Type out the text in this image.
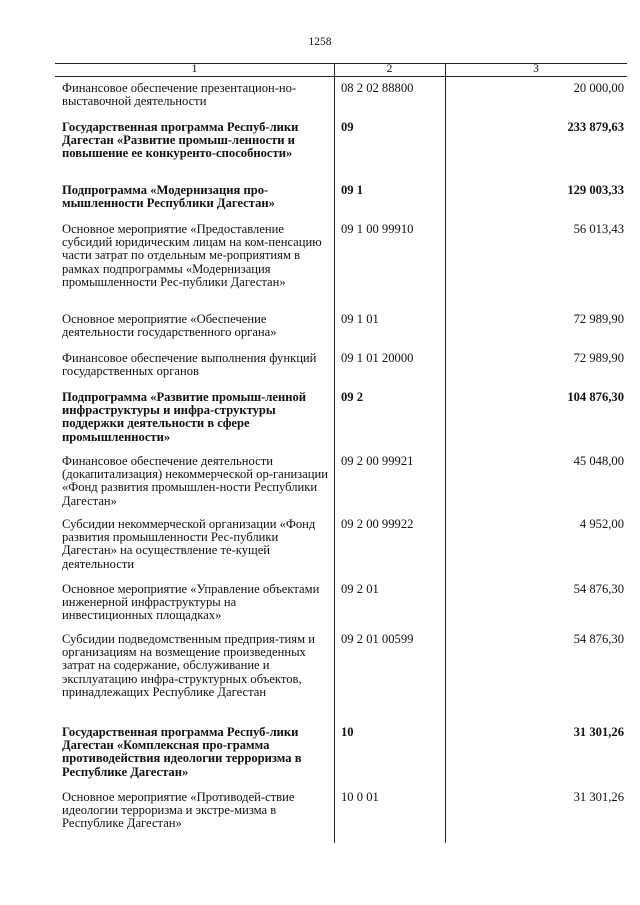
1258
1	2	3
Финансовое обеспечение презентацион-но-выставочной деятельности
08 2 02 88800	20 000,00
Государственная программа Респуб-лики Дагестан «Развитие промыш-ленности и повышение ее конкуренто-способности»
09	233 879,63
Подпрограмма «Модернизация про-мышленности Республики Дагестан»
09 1	129 003,33
Основное мероприятие «Предоставление субсидий юридическим лицам на ком-пенсацию части затрат по отдельным ме-роприятиям в рамках подпрограммы «Модернизация промышленности Рес-публики Дагестан»
09 1 00 99910	56 013,43
Основное мероприятие «Обеспечение деятельности государственного органа»
09 1 01	72 989,90
Финансовое обеспечение выполнения функций государственных органов
09 1 01 20000	72 989,90
Подпрограмма «Развитие промыш-ленной инфраструктуры и инфра-структуры поддержки деятельности в сфере промышленности»
09 2	104 876,30
Финансовое обеспечение деятельности (докапитализация) некоммерческой ор-ганизации «Фонд развития промышлен-ности Республики Дагестан»
09 2 00 99921	45 048,00
Субсидии некоммерческой организации «Фонд развития промышленности Рес-публики Дагестан» на осуществление те-кущей деятельности
09 2 00 99922	4 952,00
Основное мероприятие «Управление объектами инженерной инфраструктуры на инвестиционных площадках»
09 2 01	54 876,30
Субсидии подведомственным предприя-тиям и организациям на возмещение произведенных затрат на содержание, обслуживание и эксплуатацию инфра-структурных объектов, принадлежащих Республике Дагестан
09 2 01 00599	54 876,30
Государственная программа Респуб-лики Дагестан «Комплексная про-грамма противодействия идеологии терроризма в Республике Дагестан»
10	31 301,26
Основное мероприятие «Противодей-ствие идеологии терроризма и экстре-мизма в Республике Дагестан»
10 0 01	31 301,26
